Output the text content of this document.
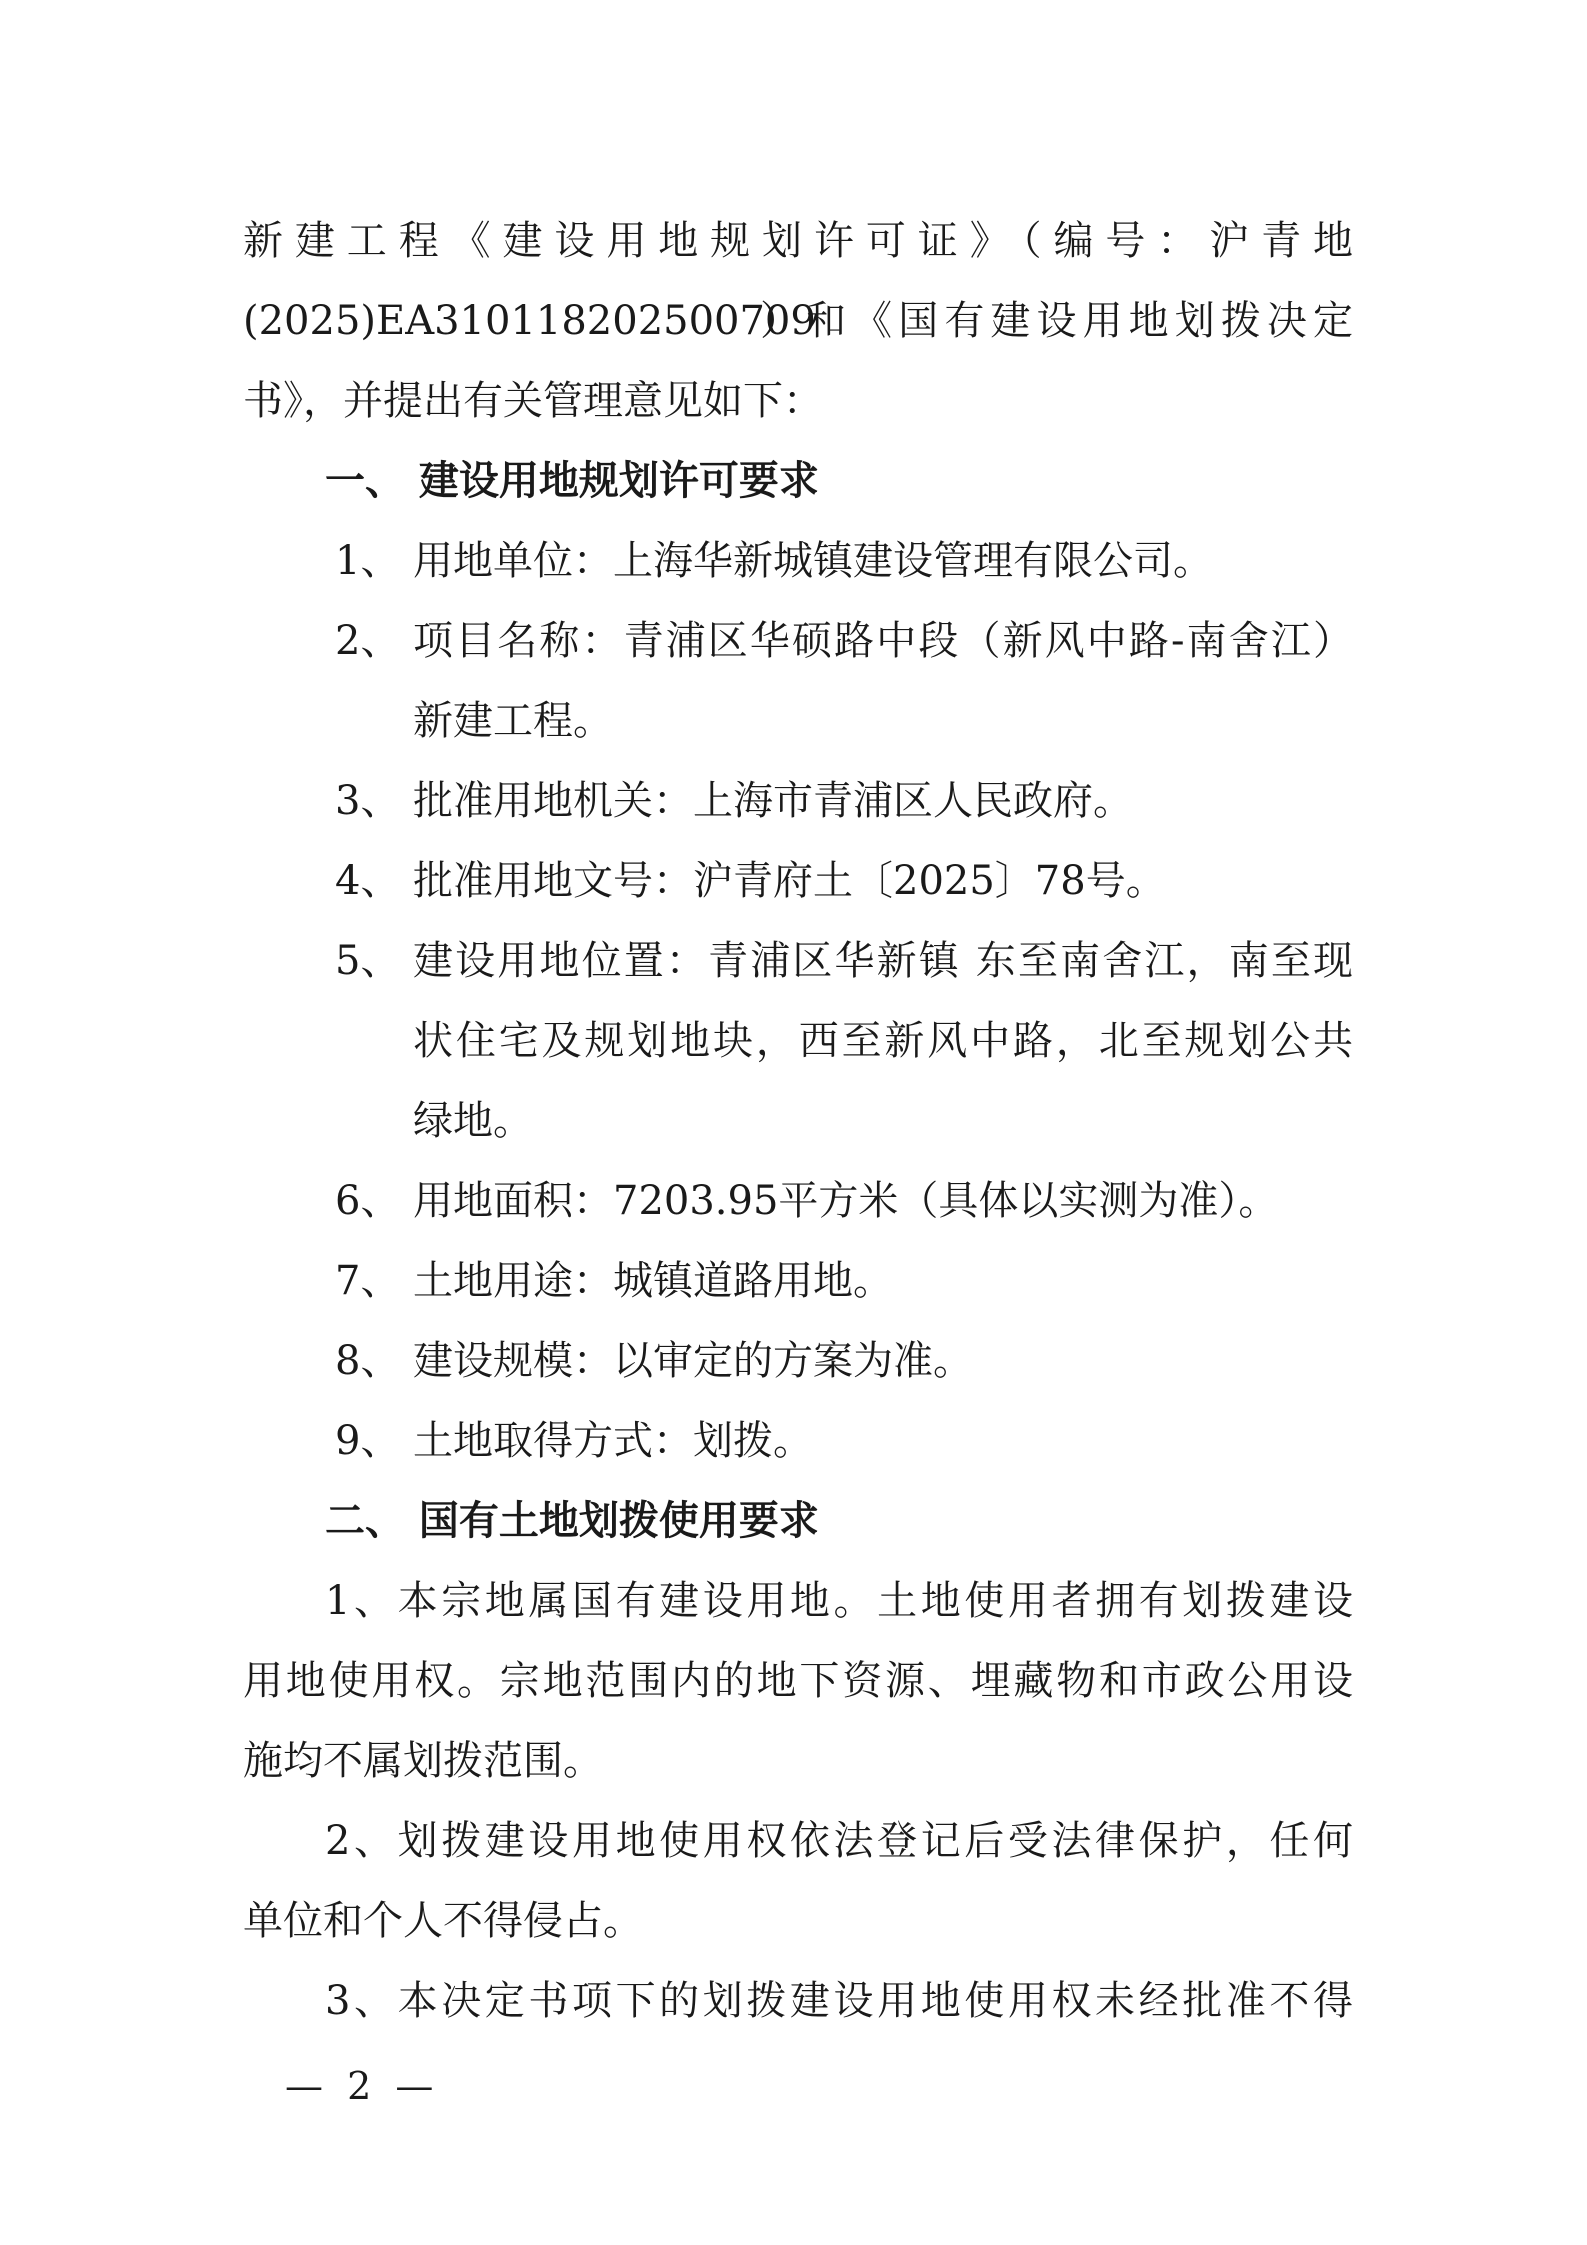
新建工程《建设用地规划许可证》（编号：沪青地
(2025)EA310118202500709
）和《国有建设用地划拨决定
书》，并提出有关管理意见如下：
一、 建设用地规划许可要求
1、 用地单位：上海华新城镇建设管理有限公司。
2、 项目名称：青浦区华硕路中段（新风中路-南舍江）
新建工程。
3、 批准用地机关：上海市青浦区人民政府。
4、 批准用地文号：沪青府土〔2025〕78号。
5、 建设用地位置：青浦区华新镇 东至南舍江，南至现
状住宅及规划地块，西至新风中路，北至规划公共
绿地。
6、 用地面积：7203.95平方米（具体以实测为准）。
7、 土地用途：城镇道路用地。
8、 建设规模：以审定的方案为准。
9、 土地取得方式：划拨。
二、 国有土地划拨使用要求
1、本宗地属国有建设用地。土地使用者拥有划拨建设
用地使用权。宗地范围内的地下资源、埋藏物和市政公用设
施均不属划拨范围。
2、划拨建设用地使用权依法登记后受法律保护，任何
单位和个人不得侵占。
3、本决定书项下的划拨建设用地使用权未经批准不得
— 2 —
